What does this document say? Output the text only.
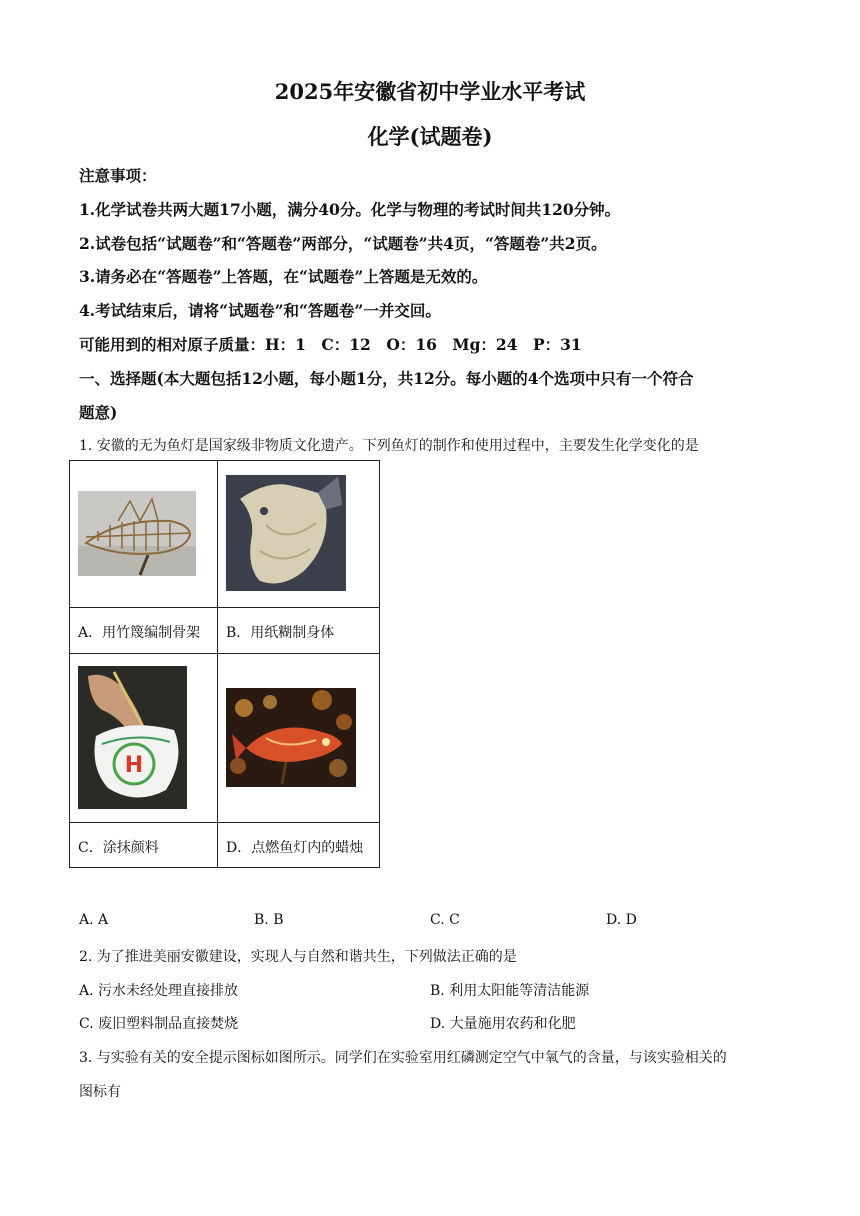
2025年安徽省初中学业水平考试
化学(试题卷)
注意事项：
1.化学试卷共两大题17小题，满分40分。化学与物理的考试时间共120分钟。
2.试卷包括“试题卷”和“答题卷”两部分，“试题卷”共4页，“答题卷”共2页。
3.请务必在“答题卷”上答题，在“试题卷”上答题是无效的。
4.考试结束后，请将“试题卷”和“答题卷”一并交回。
可能用到的相对原子质量：H：1　C：12　O：16　Mg：24　P：31
一、选择题(本大题包括12小题，每小题1分，共12分。每小题的4个选项中只有一个符合
题意)
1. 安徽的无为鱼灯是国家级非物质文化遗产。下列鱼灯的制作和使用过程中，主要发生化学变化的是
H
A．用竹篾编制骨架 B．用纸糊制身体
C．涂抹颜料	D．点燃鱼灯内的蜡烛
A. A	B. B	C. C	D. D
2. 为了推进美丽安徽建设，实现人与自然和谐共生，下列做法正确的是
A. 污水未经处理直接排放	B. 利用太阳能等清洁能源
C. 废旧塑料制品直接焚烧	D. 大量施用农药和化肥
3. 与实验有关的安全提示图标如图所示。同学们在实验室用红磷测定空气中氧气的含量，与该实验相关的
图标有
